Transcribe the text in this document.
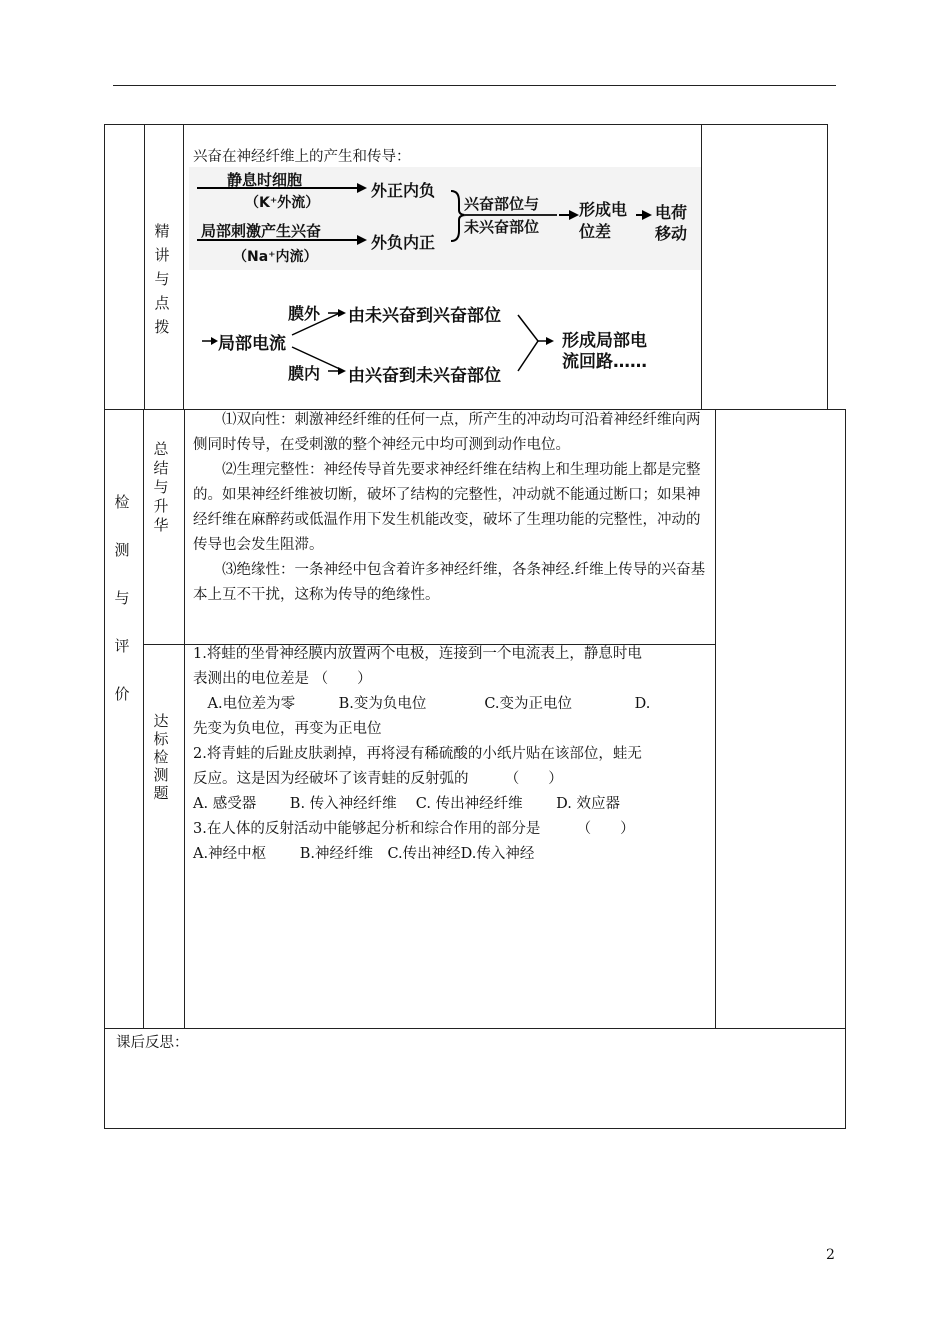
精
讲
与
点
拨
兴奋在神经纤维上的产生和传导：
静息时细胞
（K⁺外流）
局部刺激产生兴奋
（Na⁺内流）
外正内负
外负内正
兴奋部位与
未兴奋部位
形成电
位差
电荷
移动
局部电流
膜外
膜内
由未兴奋到兴奋部位
由兴奋到未兴奋部位
形成局部电
流回路……
检
测
与
评
价
总
结
与
升
华

⑴双向性：刺激神经纤维的任何一点，所产生的冲动均可沿着神经纤维向两侧同时传导，在受刺激的整个神经元中均可测到动作电位。

⑵生理完整性：神经传导首先要求神经纤维在结构上和生理功能上都是完整的。如果神经纤维被切断，破坏了结构的完整性，冲动就不能通过断口；如果神经纤维在麻醉药或低温作用下发生机能改变，破坏了生理功能的完整性，冲动的传导也会发生阻滞。

⑶绝缘性：一条神经中包含着许多神经纤维，各条神经.纤维上传导的兴奋基本上互不干扰，这称为传导的绝缘性。

达
标
检
测
题
1.将蛙的坐骨神经膜内放置两个电极，连接到一个电流表上，静息时电
表测出的电位差是 （　　）
　A.电位差为零　　　B.变为负电位　　　　C.变为正电位　　　　 D.
先变为负电位，再变为正电位
2.将青蛙的后趾皮肤剥掉，再将浸有稀硫酸的小纸片贴在该部位，蛙无
反应。这是因为经破坏了该青蛙的反射弧的　　　（　　）
A. 感受器　　 B. 传入神经纤维　 C. 传出神经纤维　　 D. 效应器
3.在人体的反射活动中能够起分析和综合作用的部分是　　　（　　）
A.神经中枢　　 B.神经纤维　C.传出神经D.传入神经
课后反思：
2
